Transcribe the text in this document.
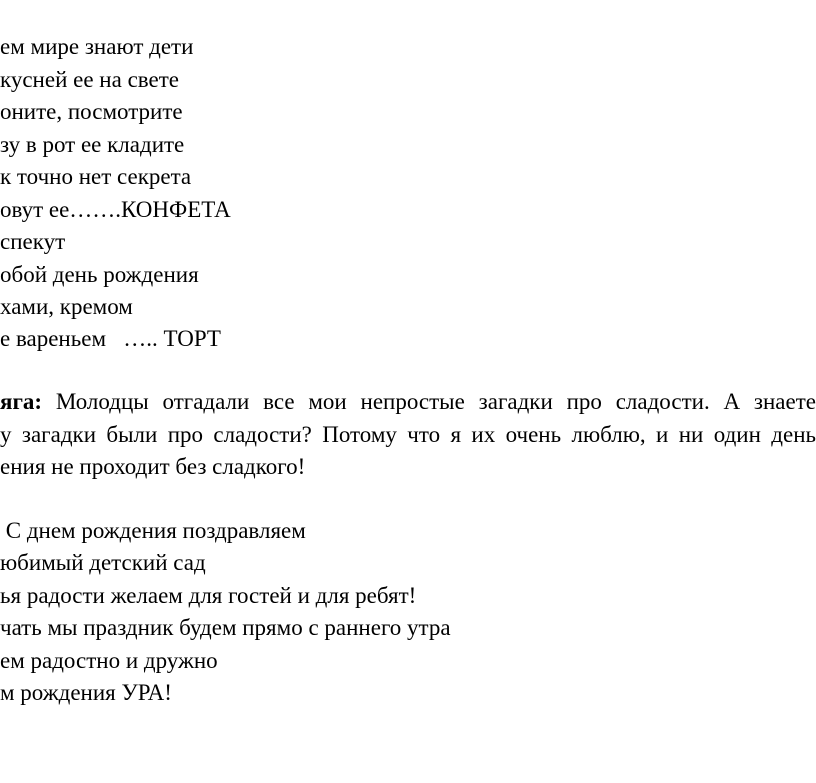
ем мире знают дети
кусней ее на свете
оните, посмотрите
зу в рот ее кладите
к точно нет секрета
овут ее…….КОНФЕТА
спекут
обой день рождения
хами, кремом
е вареньем   ….. ТОРТ
яга: Молодцы отгадали все мои непростые загадки про сладости. А знаете
у загадки были про сладости? Потому что я их очень люблю, и ни один день
ения не проходит без сладкого!
С днем рождения поздравляем
юбимый детский сад
ья радости желаем для гостей и для ребят!
чать мы праздник будем прямо с раннего утра
ем радостно и дружно
м рождения УРА!
